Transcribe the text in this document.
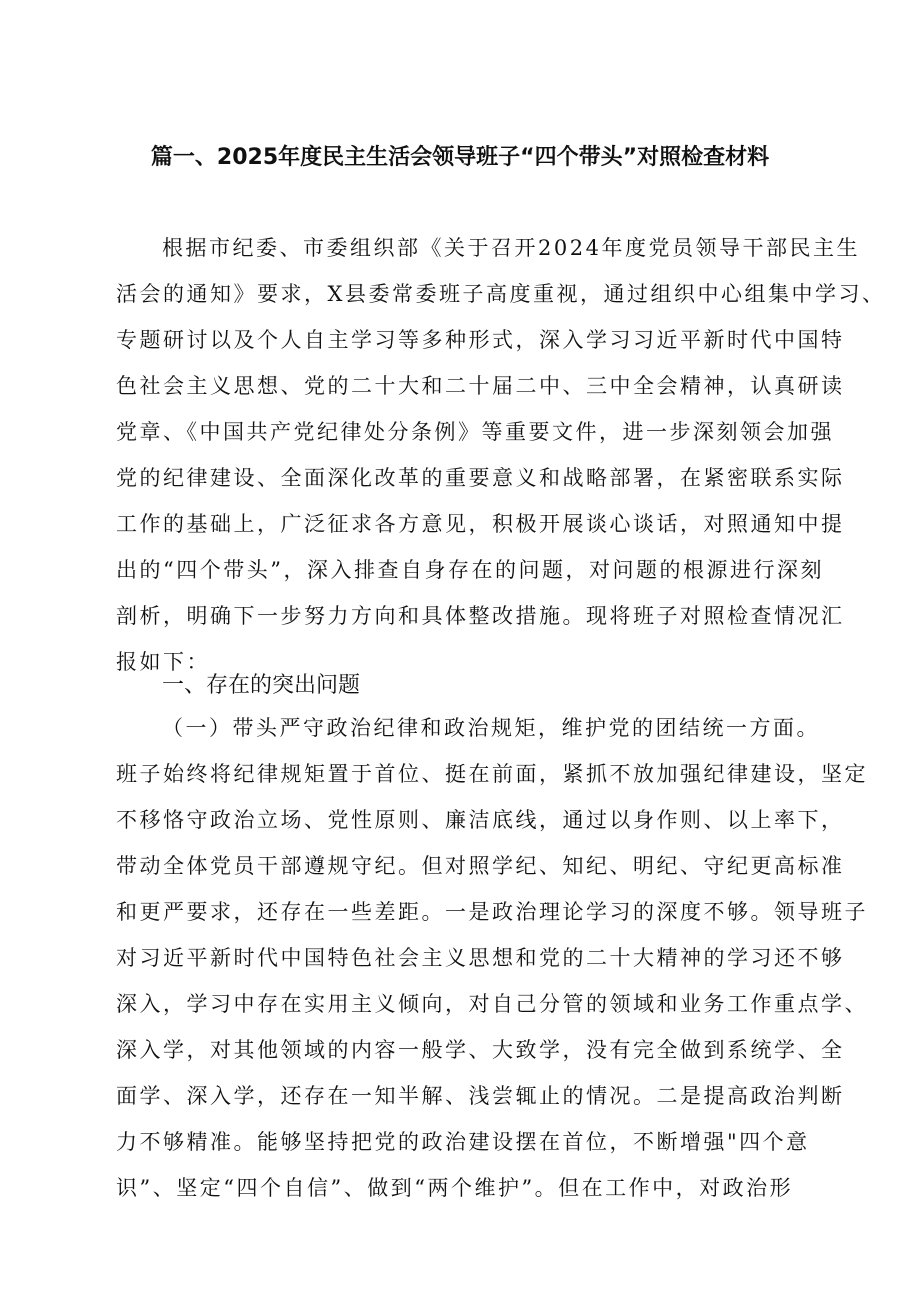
篇一、2025年度民主生活会领导班子“四个带头”对照检查材料
根据市纪委、市委组织部《关于召开2024年度党员领导干部民主生
活会的通知》要求，X县委常委班子高度重视，通过组织中心组集中学习、
专题研讨以及个人自主学习等多种形式，深入学习习近平新时代中国特
色社会主义思想、党的二十大和二十届二中、三中全会精神，认真研读
党章、《中国共产党纪律处分条例》等重要文件，进一步深刻领会加强
党的纪律建设、全面深化改革的重要意义和战略部署，在紧密联系实际
工作的基础上，广泛征求各方意见，积极开展谈心谈话，对照通知中提
出的“四个带头”，深入排查自身存在的问题，对问题的根源进行深刻
剖析，明确下一步努力方向和具体整改措施。现将班子对照检查情况汇
报如下：
一、存在的突出问题
（一）带头严守政治纪律和政治规矩，维护党的团结统一方面。
班子始终将纪律规矩置于首位、挺在前面，紧抓不放加强纪律建设，坚定
不移恪守政治立场、党性原则、廉洁底线，通过以身作则、以上率下，
带动全体党员干部遵规守纪。但对照学纪、知纪、明纪、守纪更高标准
和更严要求，还存在一些差距。一是政治理论学习的深度不够。领导班子
对习近平新时代中国特色社会主义思想和党的二十大精神的学习还不够
深入，学习中存在实用主义倾向，对自己分管的领域和业务工作重点学、
深入学，对其他领域的内容一般学、大致学，没有完全做到系统学、全
面学、深入学，还存在一知半解、浅尝辄止的情况。二是提高政治判断
力不够精准。能够坚持把党的政治建设摆在首位，不断增强"四个意
识”、坚定“四个自信”、做到“两个维护”。但在工作中，对政治形
